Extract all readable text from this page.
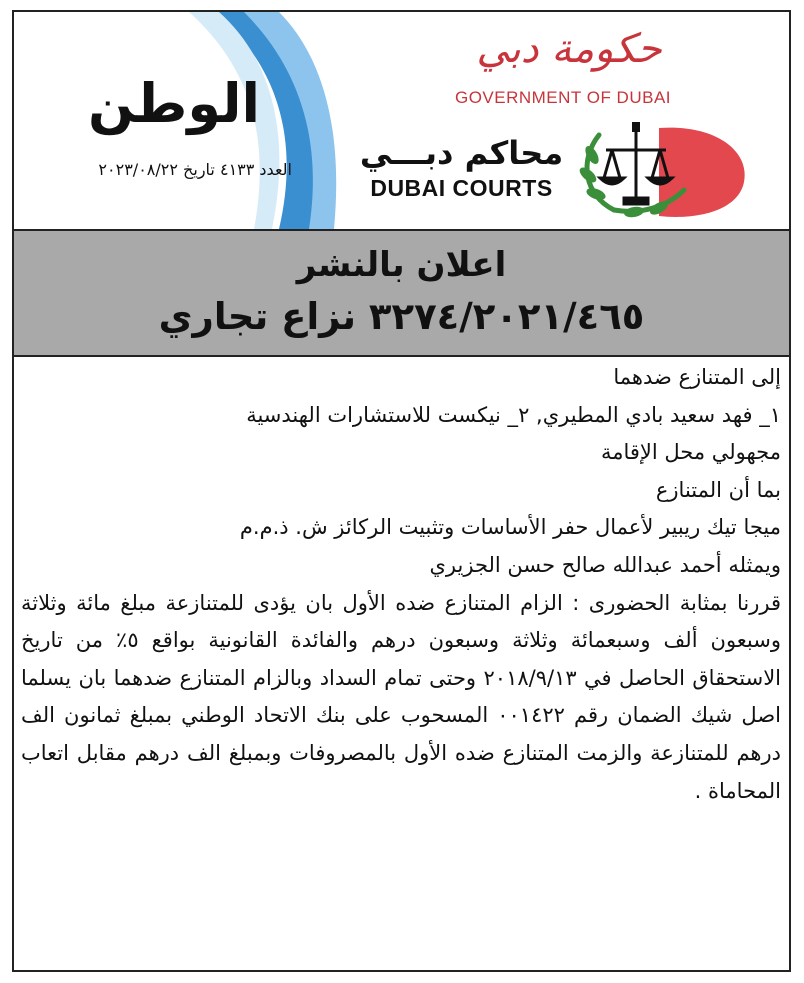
الوطن
العدد ٤١٣٣ تاريخ ٢٠٢٣/٠٨/٢٢
حكومة دبي
GOVERNMENT OF DUBAI
محاكم دبـــي
DUBAI COURTS
اعلان بالنشر
٣٢٧٤/٢٠٢١/٤٦٥ نزاع تجاري

إلى المتنازع ضدهما

١_ فهد سعيد بادي المطيري, ٢_ نيكست للاستشارات الهندسية

مجهولي محل الإقامة

بما أن المتنازع

ميجا تيك ريبير لأعمال حفر الأساسات وتثبيت الركائز ش. ذ.م.م

ويمثله أحمد عبدالله صالح حسن الجزيري

قررنا بمثابة الحضورى : الزام المتنازع ضده الأول بان يؤدى للمتنازعة مبلغ مائة وثلاثة وسبعون ألف وسبعمائة وثلاثة وسبعون درهم والفائدة القانونية بواقع ٥٪ من تاريخ الاستحقاق الحاصل في ٢٠١٨/٩/١٣ وحتى تمام السداد وبالزام المتنازع ضدهما بان يسلما اصل شيك الضمان رقم ٠٠١٤٢٢ المسحوب على بنك الاتحاد الوطني بمبلغ ثمانون الف درهم للمتنازعة والزمت المتنازع ضده الأول بالمصروفات وبمبلغ الف درهم مقابل اتعاب المحاماة .
